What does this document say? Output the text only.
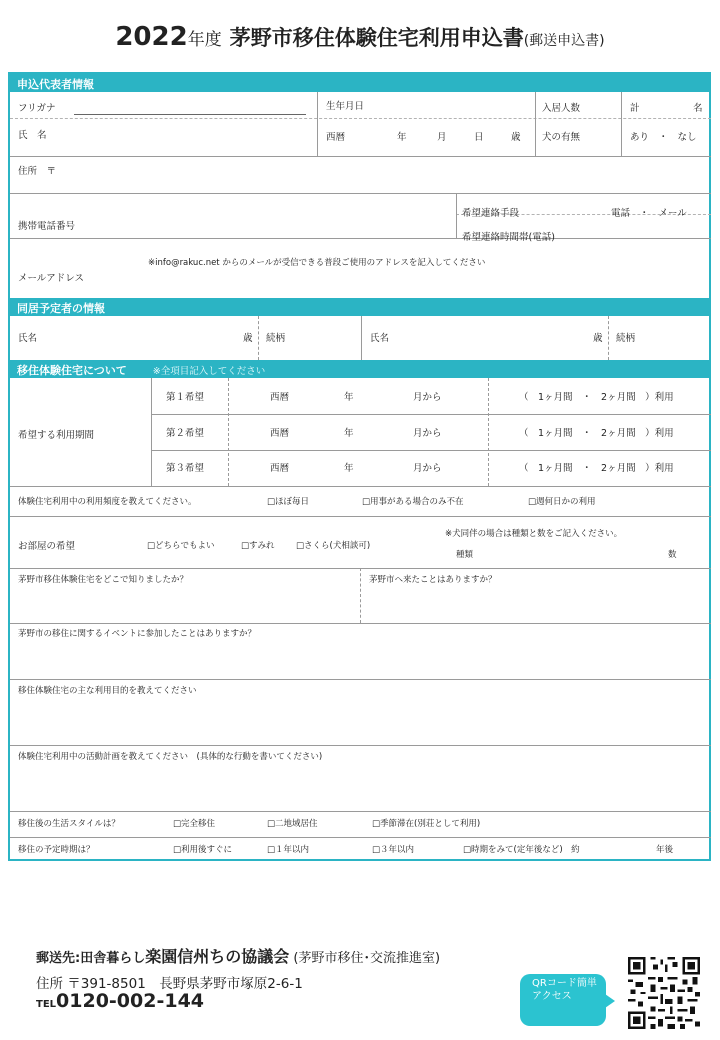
2022年度 茅野市移住体験住宅利用申込書(郵送申込書)
申込代表者情報
フリガナ
氏　名
生年月日
西暦	年	月	日	歳
入居人数	計	名
犬の有無	あり　・　なし
住所　〒
携帯電話番号
希望連絡手段	電話　・　メール
希望連絡時間帯(電話)
※info@rakuc.net からのメールが受信できる普段ご使用のアドレスを記入してください
メールアドレス
同居予定者の情報
氏名	歳 続柄	氏名	歳 続柄
移住体験住宅について	※全項目記入してください
希望する利用期間
第１希望	西暦	年	月から	（　1ヶ月間　・　2ヶ月間　）利用
第２希望	西暦	年	月から	（　1ヶ月間　・　2ヶ月間　）利用
第３希望	西暦	年	月から	（　1ヶ月間　・　2ヶ月間　）利用
体験住宅利用中の利用頻度を教えてください。	□ほぼ毎日	□用事がある場合のみ不在	□週何日かの利用
※犬同伴の場合は種類と数をご記入ください。
お部屋の希望	□どちらでもよい	□すみれ	□さくら(犬相談可)
種類	数
茅野市移住体験住宅をどこで知りましたか？	茅野市へ来たことはありますか？
茅野市の移住に関するイベントに参加したことはありますか？
移住体験住宅の主な利用目的を教えてください
体験住宅利用中の活動計画を教えてください　(具体的な行動を書いてください)
移住後の生活スタイルは？	□完全移住	□二地域居住	□季節滞在(別荘として利用)
移住の予定時期は？	□利用後すぐに	□１年以内	□３年以内	□時期をみて(定年後など)　約	年後
郵送先:田舎暮らし楽園信州ちの協議会 (茅野市移住･交流推進室)
住所 〒391-8501　長野県茅野市塚原2-6-1
TEL0120-002-144
QRコード簡単アクセス
